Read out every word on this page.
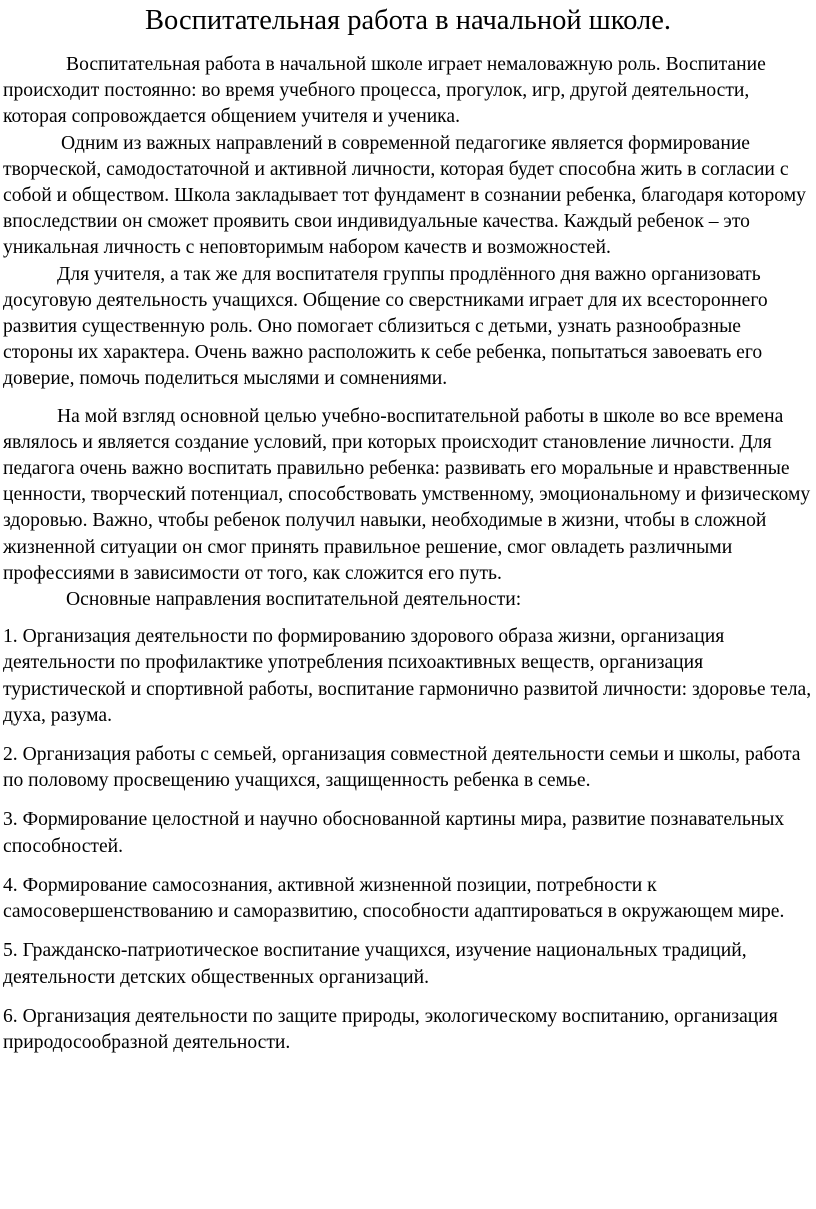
Воспитательная работа в начальной школе.

Воспитательная работа в начальной школе играет немаловажную роль. Воспитание происходит постоянно: во время учебного процесса, прогулок, игр, другой деятельности, которая сопровождается общением учителя и ученика.

Одним из важных направлений в современной педагогике является формирование творческой, самодостаточной и активной личности, которая будет способна жить в согласии с собой и обществом. Школа закладывает тот фундамент в сознании ребенка, благодаря которому впоследствии он сможет проявить свои индивидуальные качества. Каждый ребенок – это уникальная личность с неповторимым набором качеств и возможностей.

Для учителя, а так же для воспитателя группы продлённого дня важно организовать досуговую деятельность учащихся. Общение со сверстниками играет для их всестороннего развития существенную роль. Оно помогает сблизиться с детьми, узнать разнообразные стороны их характера. Очень важно расположить к себе ребенка, попытаться завоевать его доверие, помочь поделиться мыслями и сомнениями.

На мой взгляд основной целью учебно-воспитательной работы в школе во все времена являлось и является создание условий, при которых происходит становление личности. Для педагога очень важно воспитать правильно ребенка: развивать его моральные и нравственные ценности, творческий потенциал, способствовать умственному, эмоциональному и физическому здоровью. Важно, чтобы ребенок получил навыки, необходимые в жизни, чтобы в сложной жизненной ситуации он смог принять правильное решение, смог овладеть различными профессиями в зависимости от того, как сложится его путь.

Основные направления воспитательной деятельности:

1. Организация деятельности по формированию здорового образа жизни, организация деятельности по профилактике употребления психоактивных веществ, организация туристической и спортивной работы, воспитание гармонично развитой личности: здоровье тела, духа, разума.

2. Организация работы с семьей, организация совместной деятельности семьи и школы, работа по половому просвещению учащихся, защищенность ребенка в семье.

3. Формирование целостной и научно обоснованной картины мира, развитие познавательных способностей.

4. Формирование самосознания, активной жизненной позиции, потребности к самосовершенствованию и саморазвитию, способности адаптироваться в окружающем мире.

5. Гражданско-патриотическое воспитание учащихся, изучение национальных традиций, деятельности детских общественных организаций.

6. Организация деятельности по защите природы, экологическому воспитанию, организация природосообразной деятельности.
